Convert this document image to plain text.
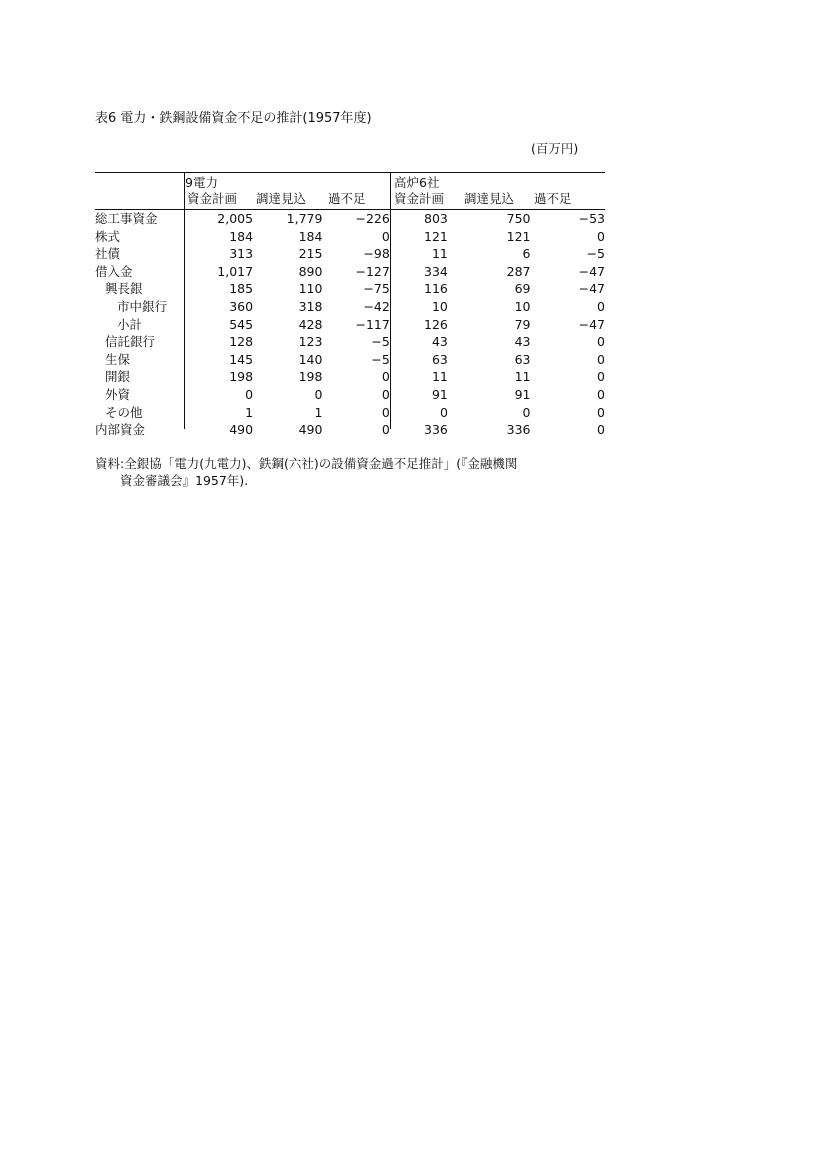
表6 電力・鉄鋼設備資金不足の推計(1957年度)
(百万円)
9電力	高炉6社
資金計画 調達見込 過不足 資金計画 調達見込 過不足
総工事資金	2,005	1,779	−226	803	750	−53
株式	184	184	0	121	121	0
社債	313	215	−98	11	6	−5
借入金	1,017	890	−127	334	287	−47
興長銀	185	110	−75	116	69	−47
市中銀行	360	318	−42	10	10	0
小計	545	428	−117	126	79	−47
信託銀行	128	123	−5	43	43	0
生保	145	140	−5	63	63	0
開銀	198	198	0	11	11	0
外資	0	0	0	91	91	0
その他	1	1	0	0	0	0
内部資金	490	490	0	336	336	0
資料:全銀協「電力(九電力)、鉄鋼(六社)の設備資金過不足推計」(『金融機関
資金審議会』1957年).
